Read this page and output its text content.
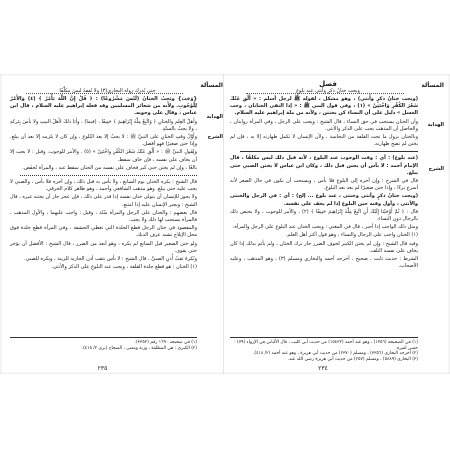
المسألة
حتى يُدرِك رواه البخاري(٣) ولا نُفقةَ ليسَ مكلَّفًا
الهداية
الشرح

{وَجَبَ} ويَجِبُ الختانُ (لَيْسَ مَشْرُوعًا) : ﴿ قُلْ إِنَّ اللَّهَ يَأْمُرُ ﴾ (٤) وَالأَمْرُ لِلْوُجُوبِ. ولأنه من شعائر المسلمين وقد فعله إبراهيم عليه السلام ، قال ابن عباس ، وقال على وجوبه.

وأَهلُ العِلم والختانِ ﴿ وَاتَّبِعْ مِلَّةَ إِبْرَاهِيمَ ﴾ حَنِيفًا ، (فيما) ، وأَبَا ذلكَ لأَهلُ البيتِ ولا بأسَ بِتَركهِ ، ولا يجبُ بالسنّةِ.

وأَوَّلُ وقتِ الختانِ على النبيِّ ﷺ : لا يجبُ إلا بعد البُلوغ ، وإن كان لا يلزمه إلا بعد أن يبلغ. وإذا ختن صغيرًا فهو أفضل.

ولِقَولِ النبيِّ ﷺ : « أَلْقِ عَنْكَ شَعْرَ الكُفْرِ واخْتَتِنْ » (٥) . والأمر للوجوب. وقيل : لا يجب إلا أن يخاف على نفسه ، فإن خاف سقط.

بالغًا ، وإن لم يختن حتى كبر فخاف على نفسه من الختان سقط عنه ، والمرأة تُخفَض.

قال الشيخ : يكره الختان يوم السابع ، ولا بأس به قبل ذلك ، وإن أخره فلا بأس ، والصبي لا يجب عليه حتى يبلغ. وهو مذهب الشافعي وأحمد ، وهو ظاهر كلام الخرقي.

ولا يجوز للإنسان أن يتولى ختان نفسه إذا قدر على ذلك ، فإن عجز جاز أن يختنه غيره ، قال الشيخ : ويجبر الإنسان عليه إذا امتنع.

قال بعضهم : والختان على الرجل والمرأة سُنّة ، وقيل : واجب عليهما ، والأول المذهب ، فالمرأة يستحب لها ذلك ولا يجب.

والمقصود في ختان الرجل قطع الجلدة التي تغطي الحشفة ، وفي المرأة قطع جلدة فوق محل الإيلاج تشبه عرف الديك.

ولو ختن الصغير قبل السابع لم يكره ، وهو أبعد من الضرر ، قال الشيخ : الأفضل أن يؤخر حتى يقوى.

ويُكرهُ ثقبُ أُذنِ الصبيِّ ، قال الشيخ : لا بأس بثقب أذن الجارية للزينة ، ويكره للصبي.

(١) الختان : هو قطع جلدة القلفة ، ويجب عند البلوغ على الذكر والأنثى.

(١) في صحيحه ١٦٩٠ رقم (٣٣٥٢).
(٢) الكبرى : هي المطلقة ، وزنة ومعنى ، الصحاح (بري ٢/ ٤١٥).
٢٣٥
المسألة
فصل
ويجب ختانُ ذكرٍ وأُنثى عند بلوغٍ
الهداية
الشرح

(ويجب ختانُ ذكرٍ وأُنثى) ، وهو مشكل ، لقوله ﷺ لرجل أسلم : « أَلْقِ عَنْكَ شَعْرَ الكُفْرِ وَاخْتَتِنْ » (١) ، وفي قول النبي ﷺ : « إذا التقى الختانان ، وجب الغسل » دليل على أن النساء كن يختتن ، ولأنه من ملة إبراهيم عليه السلام.

وأن الختان يستحب في حق النساء ، قال الشيخ : ويجب على الرجل ، وفي المرأة روايتان ، والحاصل أن المذهب يجب على الذكر والأنثى.

وبالختان يزول ما تحت القلفة من النجاسة ، ولأن الإنسان لا تكمل طهارته إلا به ، فإن لم يختن لم تصح طهارته.

(عند بلوغ) : أي : وقت الوجوب عند البلوغ ، لأنه قبل ذلك ليس مكلفًا ، قال الإمام أحمد : لا بأس أن يختن قبل ذلك ، وكان ابن عباس لا يختن الصبي حتى يبلغ.

قال في الشرح : وإن أخره إلى البلوغ فلا بأس ، ويستحب أن يكون في حال الصغر لأنه أسرع برءًا ، وإذا ختن صغيرًا لم يعد بعد البلوغ.

(ويجب ختانُ ذكرٍ وأنثى وخنثى ، عند بلوغ ... إلخ) : أي : في الرجل والخنثى والأنثى ، وأول وقته حين البلوغ إذا لم يخف على نفسه.

قال : ﴿ ثُمَّ أَوْحَيْنَا إِلَيْكَ أَنِ اتَّبِعْ مِلَّةَ إِبْرَاهِيمَ حَنِيفًا ﴾ (٢) ، والأمر للوجوب ، ولا يختص ذلك بالرجال دون النساء.

ومثل ذلك الواجب إذا أجبر ، قال في المغني : ويجب الختان عند البلوغ على الرجل والمرأة.

(١) الختان واجب على الرجال والنساء ، وهو قول أكثر أهل العلم.

وفيه قال الشيخ : وإن لم يختن الكبير لخوف الضرر جاز ترك الختان ، ولم يأثم بذلك إذا كان يخاف على نفسه التلف.

الشرط : حديث ثابت ، صحيح ، أخرجه أحمد والبخاري ومسلم (٣) ، وهو المذهب ، وعليه الأصحاب.

(١) في الصحيحة (١٣٥٦) ، وهو عند أحمد (١٥٤٣٢) من حديث أبي كليب ، قال الألباني في الإرواء (٧٩) : حسن لغيره.
(٢) أخرجه البخاري (٣٣٥٦) ، ومسلم (٢٣٧٠) من حديث أبي هريرة ، وهو عند أحمد (٢/ ٤١٨).
(٣) البخاري (٥٨٨٩) ، ومسلم (٢٥٧) من حديث أبي هريرة رضي الله عنه.
٢٣٤
